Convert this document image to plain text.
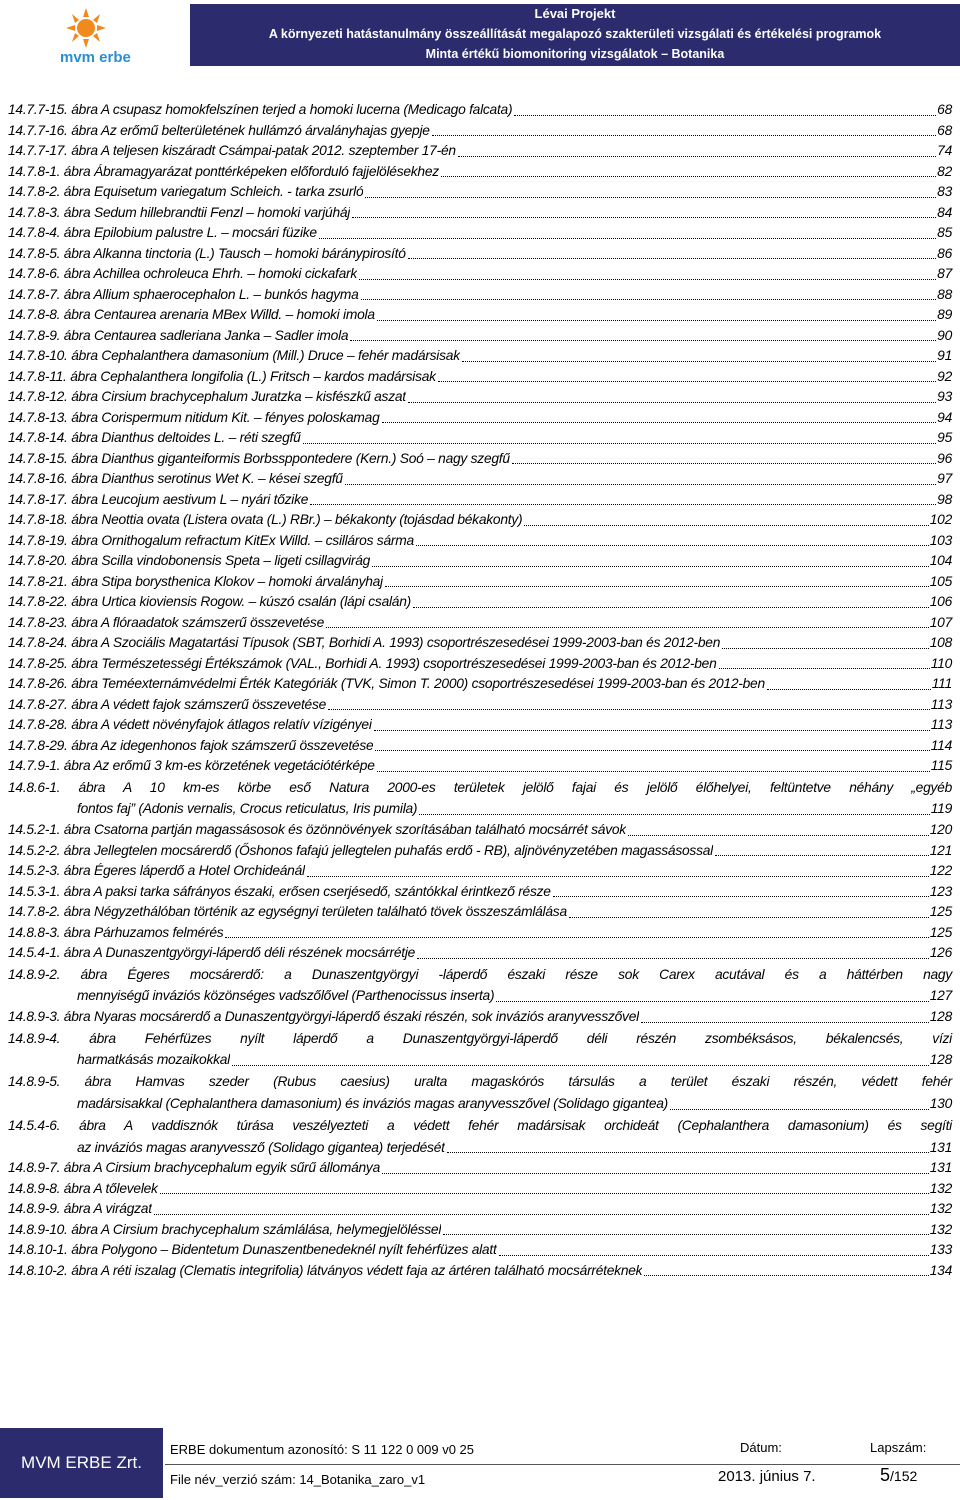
mvm erbe
Lévai Projekt
A környezeti hatástanulmány összeállítását megalapozó szakterületi vizsgálati és értékelési programok
Minta értékű biomonitoring vizsgálatok – Botanika
14.7.7-15. ábra A csupasz homokfelszínen terjed a homoki lucerna (Medicago falcata)	68
14.7.7-16. ábra Az erőmű belterületének hullámzó árvalányhajas gyepje	68
14.7.7-17. ábra A teljesen kiszáradt Csámpai-patak 2012. szeptember 17-én	74
14.7.8-1. ábra Ábramagyarázat ponttérképeken előforduló fajjelölésekhez	82
14.7.8-2. ábra Equisetum variegatum Schleich. - tarka zsurló	83
14.7.8-3. ábra Sedum hillebrandtii Fenzl – homoki varjúháj	84
14.7.8-4. ábra Epilobium palustre L. – mocsári füzike	85
14.7.8-5. ábra Alkanna tinctoria (L.) Tausch – homoki báránypirosító	86
14.7.8-6. ábra Achillea ochroleuca Ehrh. – homoki cickafark	87
14.7.8-7. ábra Allium sphaerocephalon L. – bunkós hagyma	88
14.7.8-8. ábra Centaurea arenaria MBex Willd. – homoki imola	89
14.7.8-9. ábra Centaurea sadleriana Janka – Sadler imola	90
14.7.8-10. ábra Cephalanthera damasonium (Mill.) Druce – fehér madársisak	91
14.7.8-11. ábra Cephalanthera longifolia (L.) Fritsch – kardos madársisak	92
14.7.8-12. ábra Cirsium brachycephalum Juratzka – kisfészkű aszat	93
14.7.8-13. ábra Corispermum nitidum Kit. – fényes poloskamag	94
14.7.8-14. ábra Dianthus deltoides L. – réti szegfű	95
14.7.8-15. ábra Dianthus giganteiformis Borbssppontedere (Kern.) Soó – nagy szegfű	96
14.7.8-16. ábra Dianthus serotinus Wet K. – kései szegfű	97
14.7.8-17. ábra Leucojum aestivum L – nyári tőzike	98
14.7.8-18. ábra Neottia ovata (Listera ovata (L.) RBr.) – békakonty (tojásdad békakonty)	102
14.7.8-19. ábra Ornithogalum refractum KitEx Willd. – csilláros sárma	103
14.7.8-20. ábra Scilla vindobonensis Speta – ligeti csillagvirág	104
14.7.8-21. ábra Stipa borysthenica Klokov – homoki árvalányhaj	105
14.7.8-22. ábra Urtica kioviensis Rogow. – kúszó csalán (lápi csalán)	106
14.7.8-23. ábra A flóraadatok számszerű összevetése	107
14.7.8-24. ábra A Szociális Magatartási Típusok (SBT, Borhidi A. 1993) csoportrészesedései 1999-2003-ban és 2012-ben	108
14.7.8-25. ábra Természetességi Értékszámok (VAL., Borhidi A. 1993) csoportrészesedései 1999-2003-ban és 2012-ben	110
14.7.8-26. ábra Teméexternámvédelmi Érték Kategóriák (TVK, Simon T. 2000) csoportrészesedései 1999-2003-ban és 2012-ben	111
14.7.8-27. ábra A védett fajok számszerű összevetése	113
14.7.8-28. ábra A védett növényfajok átlagos relatív vízigényei	113
14.7.8-29. ábra Az idegenhonos fajok számszerű összevetése	114
14.7.9-1. ábra Az erőmű 3 km-es körzetének vegetációtérképe	115
14.8.6-1. ábra A 10 km-es körbe eső Natura 2000-es területek jelölő fajai és jelölő élőhelyei, feltüntetve néhány „egyéb
fontos faj” (Adonis vernalis, Crocus reticulatus, Iris pumila)	119
14.5.2-1. ábra Csatorna partján magassásosok és özönnövények szorításában található mocsárrét sávok	120
14.5.2-2. ábra Jellegtelen mocsárerdő (Őshonos fafajú jellegtelen puhafás erdő - RB), aljnövényzetében magassásossal	121
14.5.2-3. ábra Égeres láperdő a Hotel Orchideánál	122
14.5.3-1. ábra A paksi tarka sáfrányos északi, erősen cserjésedő, szántókkal érintkező része	123
14.7.8-2. ábra Négyzethálóban történik az egységnyi területen található tövek összeszámlálása	125
14.8.8-3. ábra Párhuzamos felmérés	125
14.5.4-1. ábra A Dunaszentgyörgyi-láperdő déli részének mocsárrétje	126
14.8.9-2. ábra Égeres mocsárerdő: a Dunaszentgyörgyi -láperdő északi része sok Carex acutával és a háttérben nagy
mennyiségű inváziós közönséges vadszőlővel (Parthenocissus inserta)	127
14.8.9-3. ábra Nyaras mocsárerdő a Dunaszentgyörgyi-láperdő északi részén, sok inváziós aranyvesszővel	128
14.8.9-4. ábra Fehérfüzes nyílt láperdő a Dunaszentgyörgyi-láperdő déli részén zsombéksásos, békalencsés, vízi
harmatkásás mozaikokkal	128
14.8.9-5. ábra Hamvas szeder (Rubus caesius) uralta magaskórós társulás a terület északi részén, védett fehér
madársisakkal (Cephalanthera damasonium) és inváziós magas aranyvesszővel (Solidago gigantea)	130
14.5.4-6. ábra A vaddisznók túrása veszélyezteti a védett fehér madársisak orchideát (Cephalanthera damasonium) és segíti
az inváziós magas aranyvessző (Solidago gigantea) terjedését	131
14.8.9-7. ábra A Cirsium brachycephalum egyik sűrű állománya	131
14.8.9-8. ábra A tőlevelek	132
14.8.9-9. ábra A virágzat	132
14.8.9-10. ábra A Cirsium brachycephalum számlálása, helymegjelöléssel	132
14.8.10-1. ábra Polygono – Bidentetum Dunaszentbenedeknél nyílt fehérfüzes alatt	133
14.8.10-2. ábra A réti iszalag (Clematis integrifolia) látványos védett faja az ártéren található mocsárréteknek	134
MVM ERBE Zrt.
ERBE dokumentum azonosító: S 11 122 0 009 v0 25
File név_verzió szám: 14_Botanika_zaro_v1
Dátum:
2013. június 7.
Lapszám:
5/152
